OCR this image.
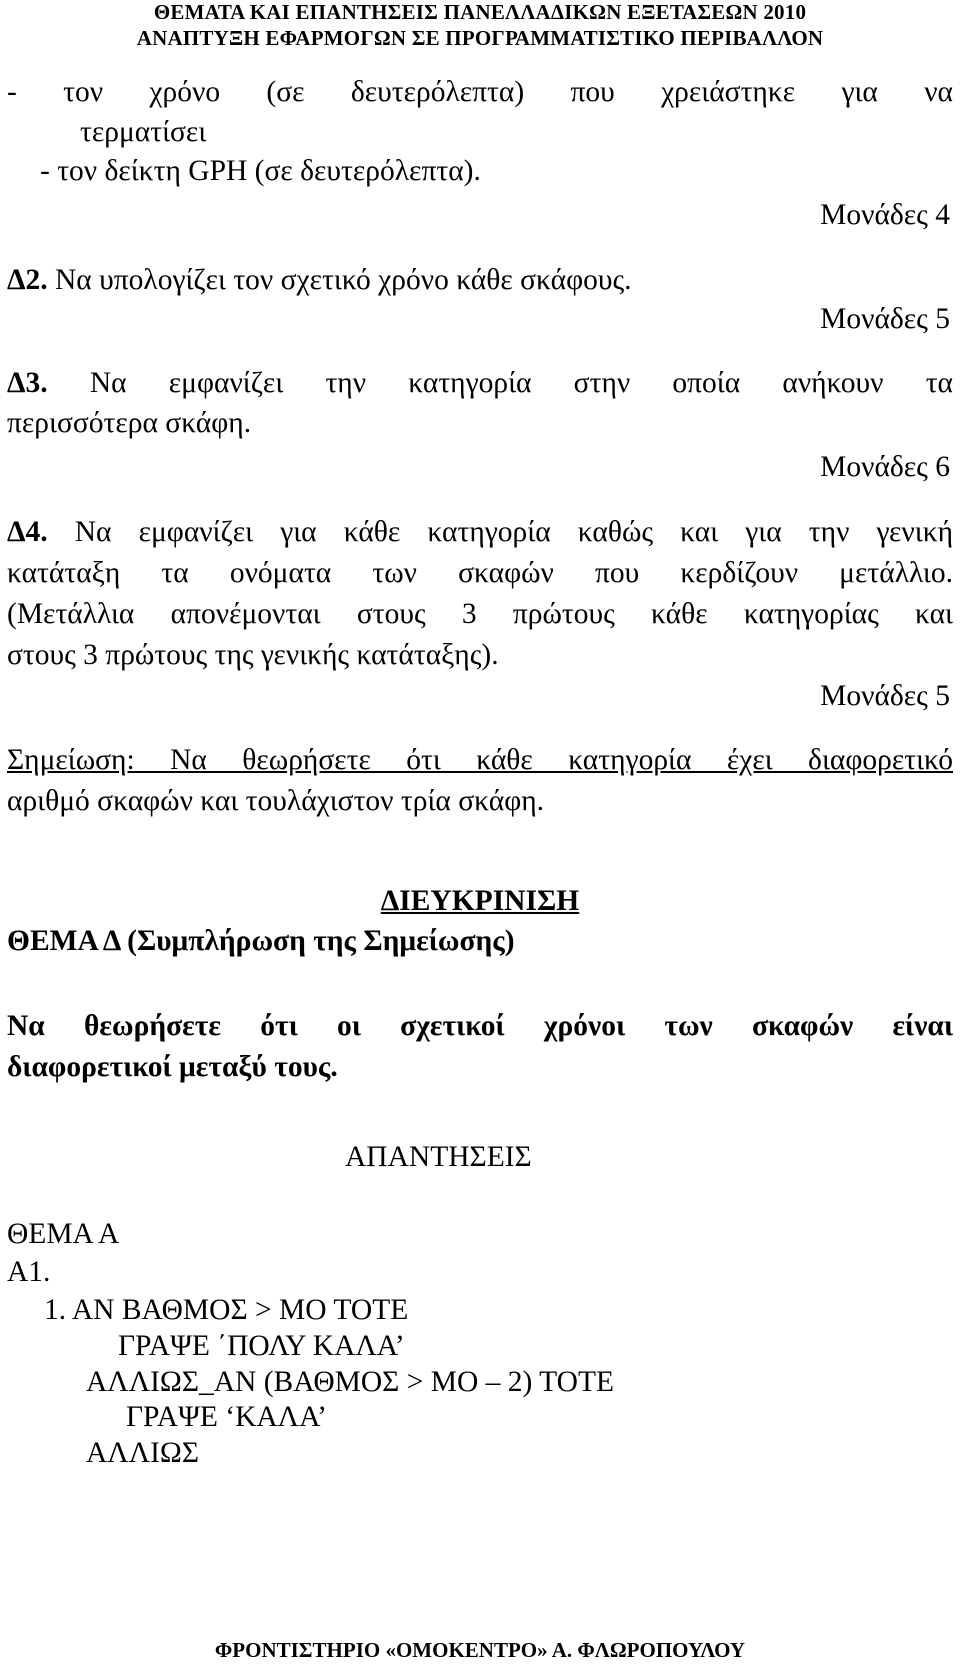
ΘΕΜΑΤΑ ΚΑΙ ΕΠΑΝΤΗΣΕΙΣ ΠΑΝΕΛΛΑΔΙΚΩΝ ΕΞΕΤΑΣΕΩΝ 2010
ΑΝΑΠΤΥΞΗ ΕΦΑΡΜΟΓΩΝ ΣΕ ΠΡΟΓΡΑΜΜΑΤΙΣΤΙΚΟ ΠΕΡΙΒΑΛΛΟΝ
- τον χρόνο (σε δευτερόλεπτα) που χρειάστηκε για να
τερματίσει
- τον δείκτη GPH (σε δευτερόλεπτα).
Μονάδες 4
Δ2. Να υπολογίζει τον σχετικό χρόνο κάθε σκάφους.
Μονάδες 5
Δ3. Να εμφανίζει την κατηγορία στην οποία ανήκουν τα
περισσότερα σκάφη.
Μονάδες 6
Δ4. Να εμφανίζει για κάθε κατηγορία καθώς και για την γενική
κατάταξη τα ονόματα των σκαφών που κερδίζουν μετάλλιο.
(Μετάλλια απονέμονται στους 3 πρώτους κάθε κατηγορίας και
στους 3 πρώτους της γενικής κατάταξης).
Μονάδες 5
Σημείωση: Να θεωρήσετε ότι κάθε κατηγορία έχει διαφορετικό
αριθμό σκαφών και τουλάχιστον τρία σκάφη.
ΔΙΕΥΚΡΙΝΙΣΗ
ΘΕΜΑ Δ (Συμπλήρωση της Σημείωσης)
Να θεωρήσετε ότι οι σχετικοί χρόνοι των σκαφών είναι
διαφορετικοί μεταξύ τους.
ΑΠΑΝΤΗΣΕΙΣ
ΘΕΜΑ Α
Α1.
1. ΑΝ ΒΑΘΜΟΣ > ΜΟ ΤΟΤΕ
ΓΡΑΨΕ ΄ΠΟΛΥ ΚΑΛΑ’
ΑΛΛΙΩΣ_ΑΝ (ΒΑΘΜΟΣ > ΜΟ – 2) ΤΟΤΕ
ΓΡΑΨΕ ‘ΚΑΛΑ’
ΑΛΛΙΩΣ
ΦΡΟΝΤΙΣΤΗΡΙΟ «ΟΜΟΚΕΝΤΡΟ» Α. ΦΛΩΡΟΠΟΥΛΟΥ
